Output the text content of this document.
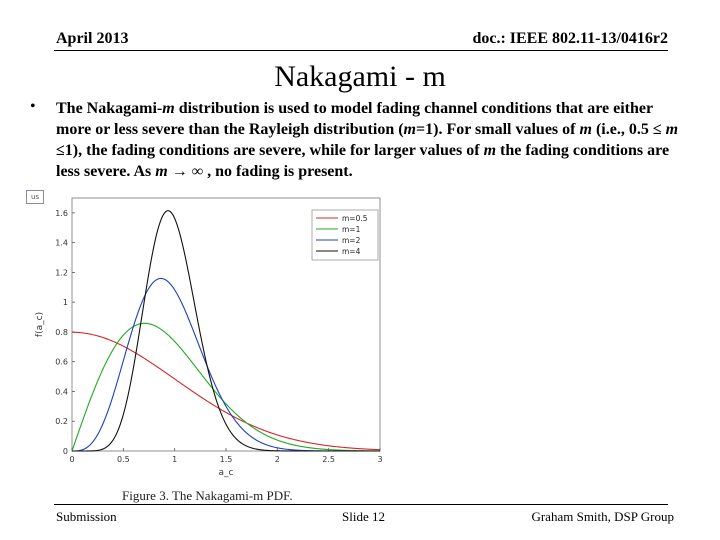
April 2013	doc.: IEEE 802.11-13/0416r2
Nakagami - m
• The Nakagami-m distribution is used to model fading channel conditions that are either more or less severe than the Rayleigh distribution (m=1). For small values of m (i.e., 0.5 ≤ m ≤1), the fading conditions are severe, while for larger values of m the fading conditions are less severe. As m → ∞ , no fading is present.
us
0	0.5	1	1.5	2	2.5	3
0
0.2
0.4
0.6
0.8
1
1.2
1.4
1.6
a_c
f(a_c)
m=0.5
m=1
m=2
m=4
Figure 3. The Nakagami-m PDF.
Submission	Slide 12	Graham Smith, DSP Group
